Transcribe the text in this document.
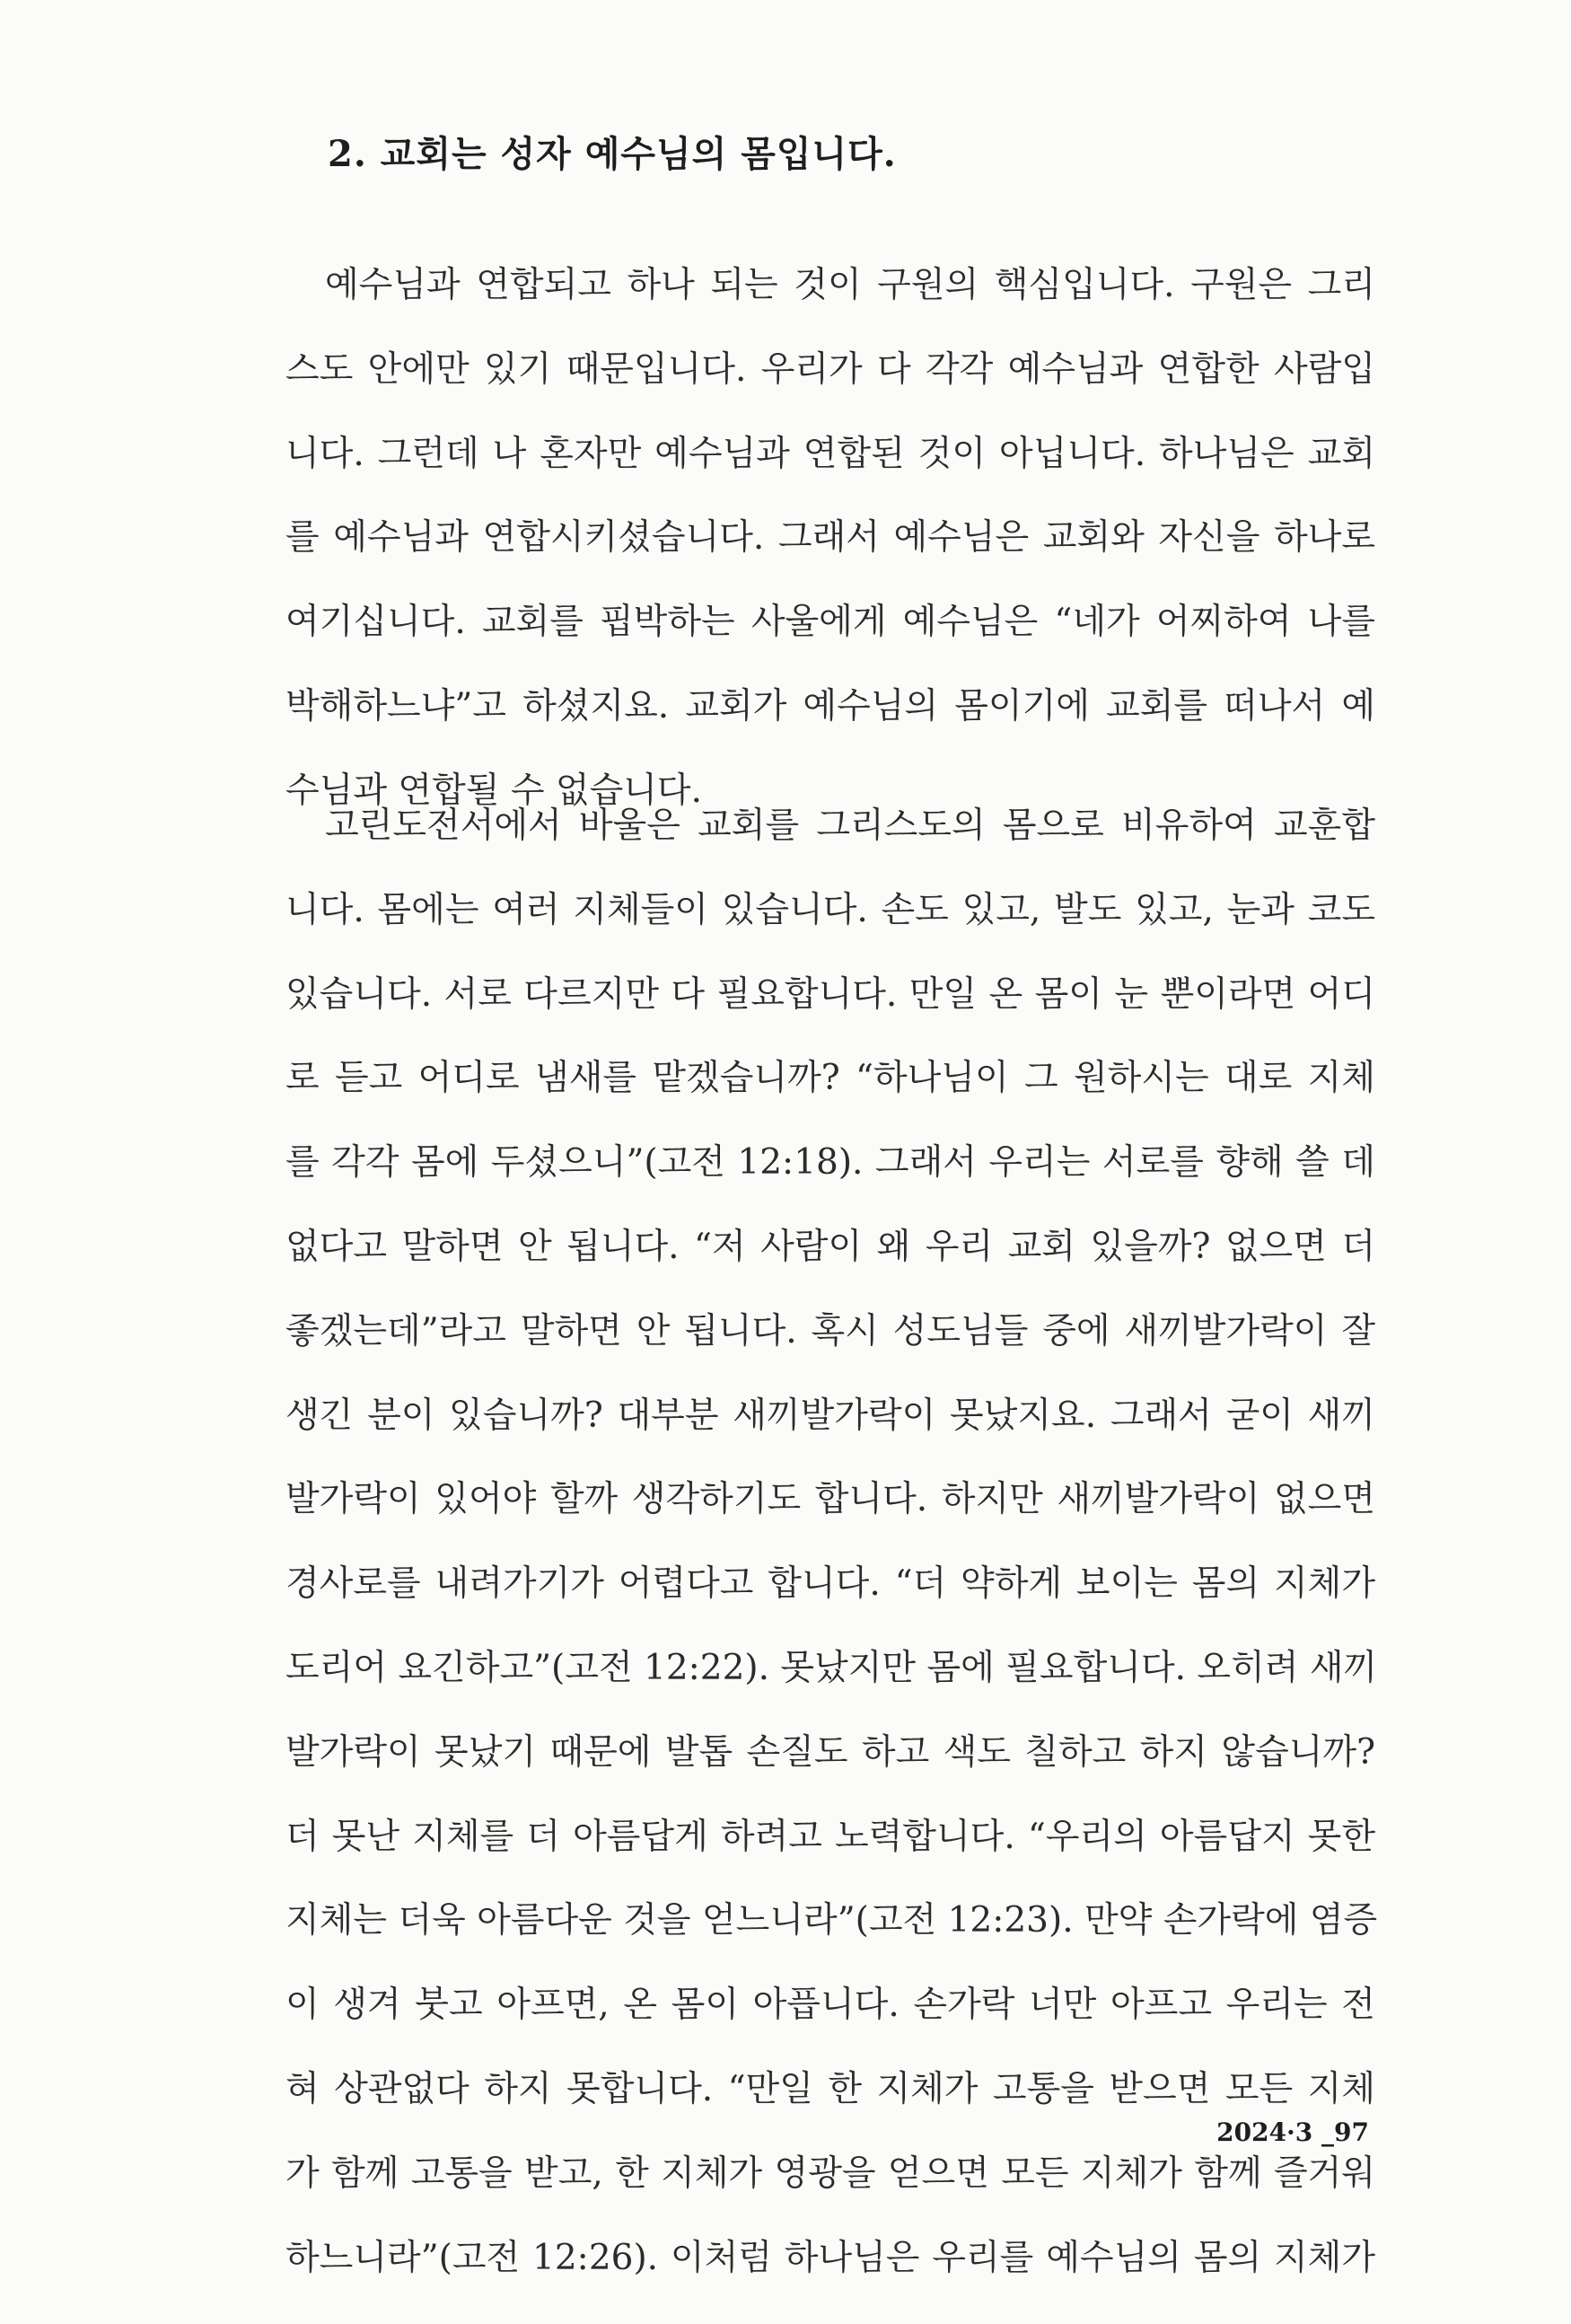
2. 교회는 성자 예수님의 몸입니다.
예수님과 연합되고 하나 되는 것이 구원의 핵심입니다. 구원은 그리
스도 안에만 있기 때문입니다. 우리가 다 각각 예수님과 연합한 사람입
니다. 그런데 나 혼자만 예수님과 연합된 것이 아닙니다. 하나님은 교회
를 예수님과 연합시키셨습니다. 그래서 예수님은 교회와 자신을 하나로
여기십니다. 교회를 핍박하는 사울에게 예수님은 “네가 어찌하여 나를
박해하느냐”고 하셨지요. 교회가 예수님의 몸이기에 교회를 떠나서 예
수님과 연합될 수 없습니다.
고린도전서에서 바울은 교회를 그리스도의 몸으로 비유하여 교훈합
니다. 몸에는 여러 지체들이 있습니다. 손도 있고, 발도 있고, 눈과 코도
있습니다. 서로 다르지만 다 필요합니다. 만일 온 몸이 눈 뿐이라면 어디
로 듣고 어디로 냄새를 맡겠습니까? “하나님이 그 원하시는 대로 지체
를 각각 몸에 두셨으니”(고전 12:18). 그래서 우리는 서로를 향해 쓸 데
없다고 말하면 안 됩니다. “저 사람이 왜 우리 교회 있을까? 없으면 더
좋겠는데”라고 말하면 안 됩니다. 혹시 성도님들 중에 새끼발가락이 잘
생긴 분이 있습니까? 대부분 새끼발가락이 못났지요. 그래서 굳이 새끼
발가락이 있어야 할까 생각하기도 합니다. 하지만 새끼발가락이 없으면
경사로를 내려가기가 어렵다고 합니다. “더 약하게 보이는 몸의 지체가
도리어 요긴하고”(고전 12:22). 못났지만 몸에 필요합니다. 오히려 새끼
발가락이 못났기 때문에 발톱 손질도 하고 색도 칠하고 하지 않습니까?
더 못난 지체를 더 아름답게 하려고 노력합니다. “우리의 아름답지 못한
지체는 더욱 아름다운 것을 얻느니라”(고전 12:23). 만약 손가락에 염증
이 생겨 붓고 아프면, 온 몸이 아픕니다. 손가락 너만 아프고 우리는 전
혀 상관없다 하지 못합니다. “만일 한 지체가 고통을 받으면 모든 지체
가 함께 고통을 받고, 한 지체가 영광을 얻으면 모든 지체가 함께 즐거워
하느니라”(고전 12:26). 이처럼 하나님은 우리를 예수님의 몸의 지체가
2024·3 _97
